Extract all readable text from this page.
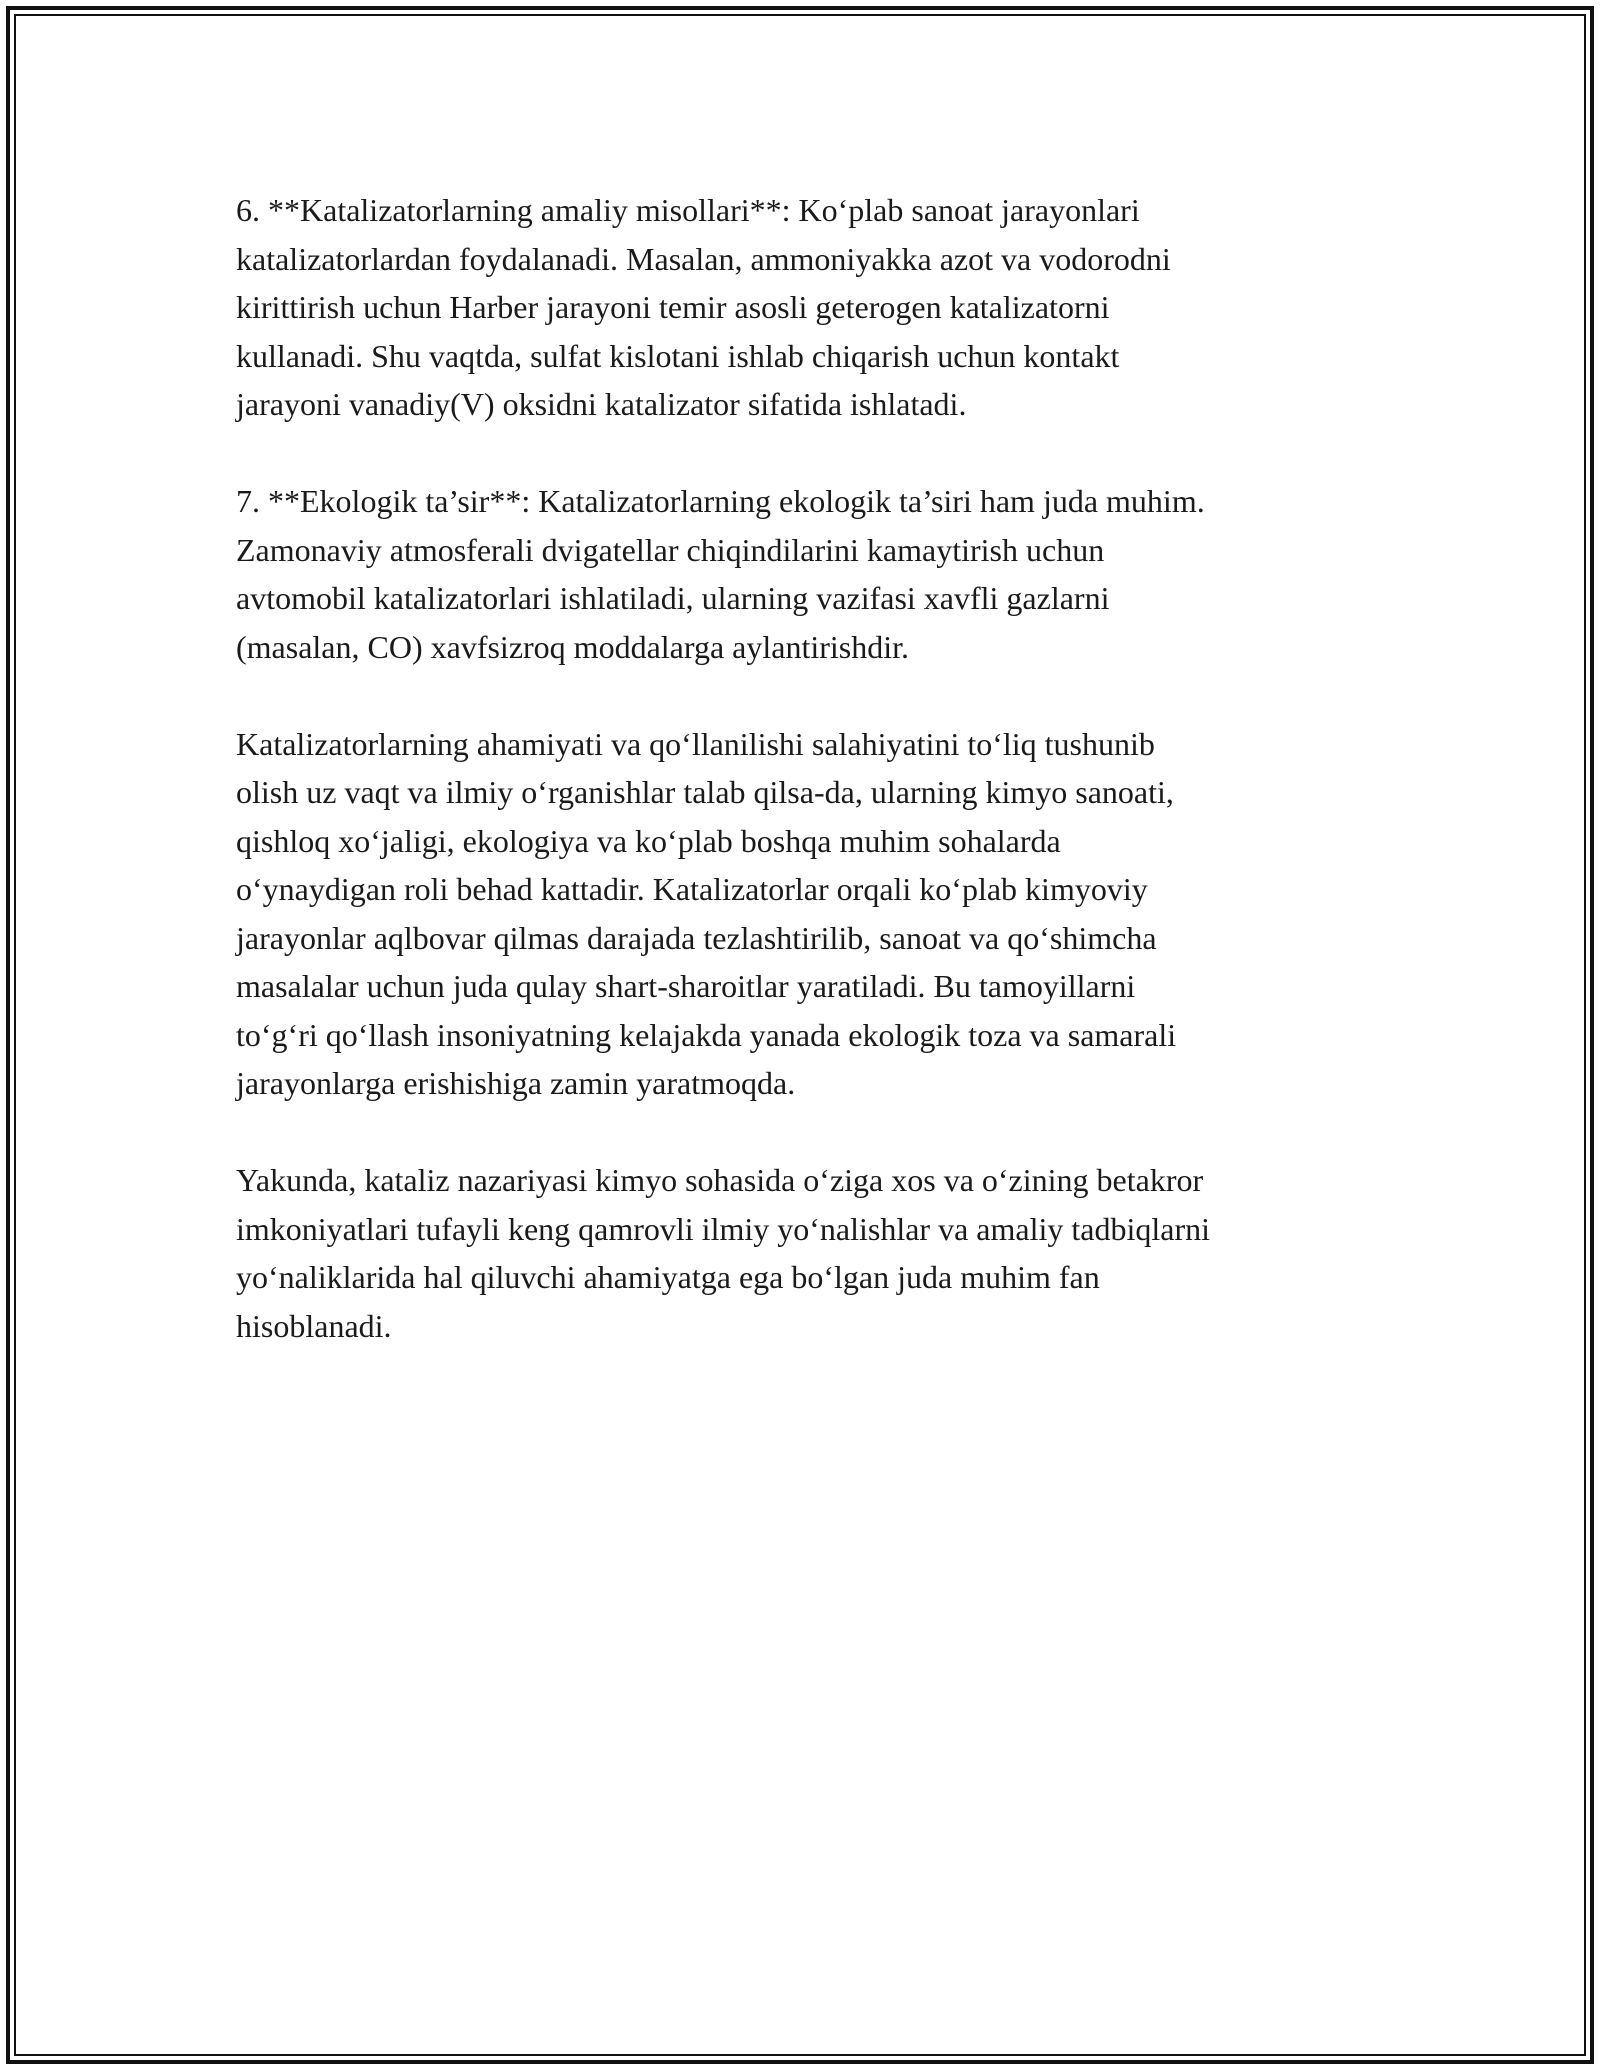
6. **Katalizatorlarning amaliy misollari**: Ko‘plab sanoat jarayonlari
katalizatorlardan foydalanadi. Masalan, ammoniyakka azot va vodorodni
kirittirish uchun Harber jarayoni temir asosli geterogen katalizatorni
kullanadi. Shu vaqtda, sulfat kislotani ishlab chiqarish uchun kontakt
jarayoni vanadiy(V) oksidni katalizator sifatida ishlatadi.

7. **Ekologik ta’sir**: Katalizatorlarning ekologik ta’siri ham juda muhim.
Zamonaviy atmosferali dvigatellar chiqindilarini kamaytirish uchun
avtomobil katalizatorlari ishlatiladi, ularning vazifasi xavfli gazlarni
(masalan, CO) xavfsizroq moddalarga aylantirishdir.

Katalizatorlarning ahamiyati va qo‘llanilishi salahiyatini to‘liq tushunib
olish uz vaqt va ilmiy o‘rganishlar talab qilsa-da, ularning kimyo sanoati,
qishloq xo‘jaligi, ekologiya va ko‘plab boshqa muhim sohalarda
o‘ynaydigan roli behad kattadir. Katalizatorlar orqali ko‘plab kimyoviy
jarayonlar aqlbovar qilmas darajada tezlashtirilib, sanoat va qo‘shimcha
masalalar uchun juda qulay shart-sharoitlar yaratiladi. Bu tamoyillarni
to‘g‘ri qo‘llash insoniyatning kelajakda yanada ekologik toza va samarali
jarayonlarga erishishiga zamin yaratmoqda.

Yakunda, kataliz nazariyasi kimyo sohasida o‘ziga xos va o‘zining betakror
imkoniyatlari tufayli keng qamrovli ilmiy yo‘nalishlar va amaliy tadbiqlarni
yo‘naliklarida hal qiluvchi ahamiyatga ega bo‘lgan juda muhim fan
hisoblanadi.
